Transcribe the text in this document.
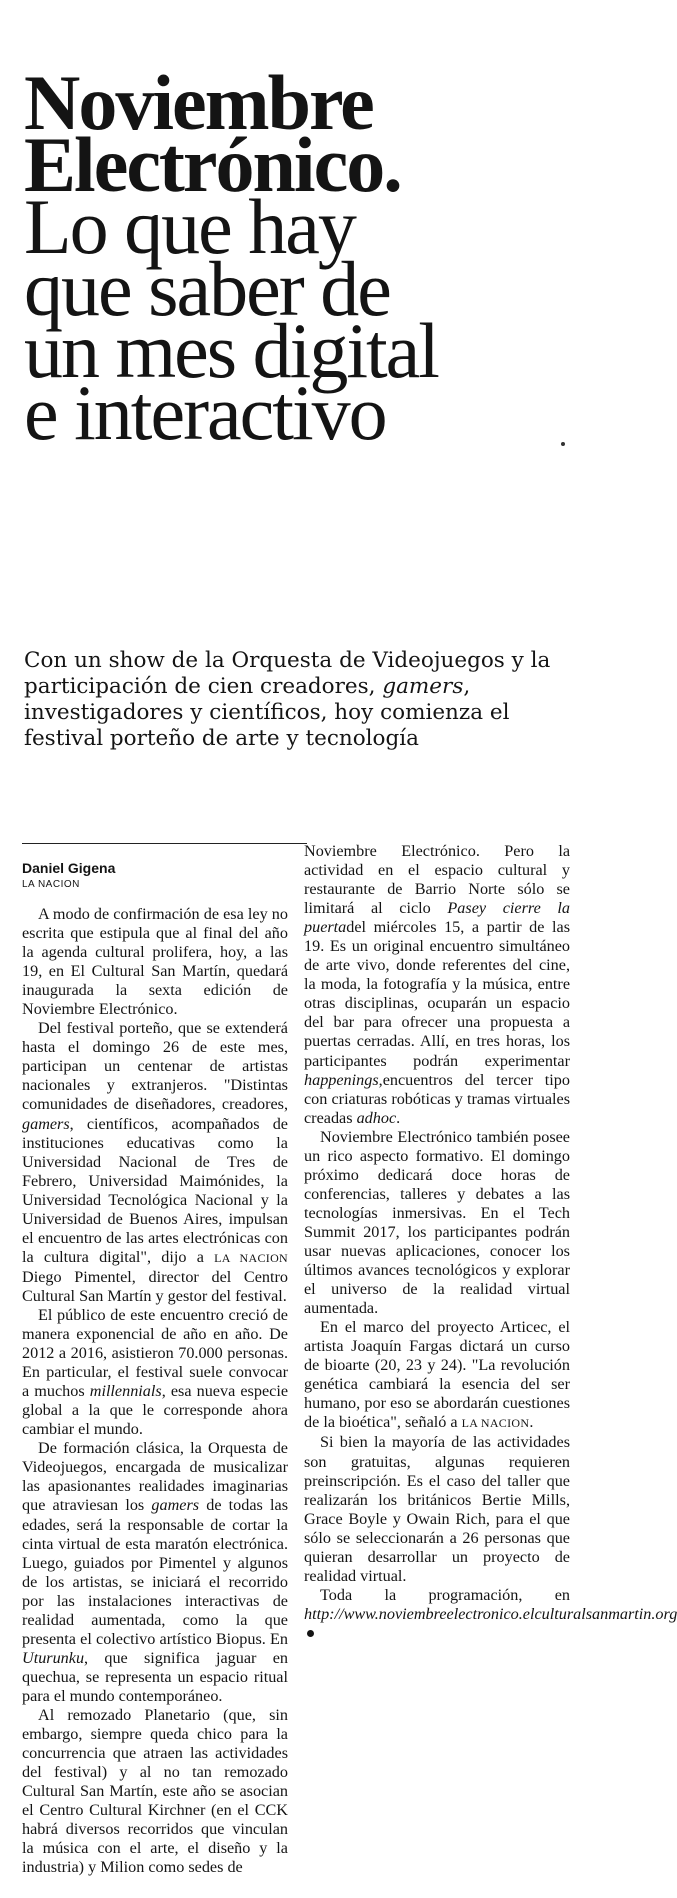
Noviembre
Electrónico.
Lo que hay
que saber de
un mes digital
e interactivo

Con un show de la Orquesta de Videojuegos y la participación de cien creadores, gamers, investigadores y científicos, hoy comienza el festival porteño de arte y tecnología

Daniel Gigena
LA NACION

A modo de confirmación de esa ley no escrita que estipula que al final del año la agenda cultural prolifera, hoy, a las 19, en El Cultural San Martín, quedará inaugurada la sexta edición de Noviembre Electrónico.

Del festival porteño, que se extenderá hasta el domingo 26 de este mes, participan un centenar de artistas nacionales y extranjeros. "Distintas comunidades de diseñadores, creadores, gamers, científicos, acompañados de instituciones educativas como la Universidad Nacional de Tres de Febrero, Universidad Maimónides, la Universidad Tecnológica Nacional y la Universidad de Buenos Aires, impulsan el encuentro de las artes electrónicas con la cultura digital", dijo a LA NACION Diego Pimentel, director del Centro Cultural San Martín y gestor del festival.

El público de este encuentro creció de manera exponencial de año en año. De 2012 a 2016, asistieron 70.000 personas. En particular, el festival suele convocar a muchos millennials, esa nueva especie global a la que le corresponde ahora cambiar el mundo.

De formación clásica, la Orquesta de Videojuegos, encargada de musicalizar las apasionantes realidades imaginarias que atraviesan los gamers de todas las edades, será la responsable de cortar la cinta virtual de esta maratón electrónica. Luego, guiados por Pimentel y algunos de los artistas, se iniciará el recorrido por las instalaciones interactivas de realidad aumentada, como la que presenta el colectivo artístico Biopus. En Uturunku, que significa jaguar en quechua, se representa un espacio ritual para el mundo contemporáneo.

Al remozado Planetario (que, sin embargo, siempre queda chico para la concurrencia que atraen las actividades del festival) y al no tan remozado Cultural San Martín, este año se asocian el Centro Cultural Kirchner (en el CCK habrá diversos recorridos que vinculan la música con el arte, el diseño y la industria) y Milion como sedes de

Noviembre Electrónico. Pero la actividad en el espacio cultural y restaurante de Barrio Norte sólo se limitará al ciclo Pasey cierre la puertadel miércoles 15, a partir de las 19. Es un original encuentro simultáneo de arte vivo, donde referentes del cine, la moda, la fotografía y la música, entre otras disciplinas, ocuparán un espacio del bar para ofrecer una propuesta a puertas cerradas. Allí, en tres horas, los participantes podrán experimentar happenings,encuentros del tercer tipo con criaturas robóticas y tramas virtuales creadas adhoc.

Noviembre Electrónico también posee un rico aspecto formativo. El domingo próximo dedicará doce horas de conferencias, talleres y debates a las tecnologías inmersivas. En el Tech Summit 2017, los participantes podrán usar nuevas aplicaciones, conocer los últimos avances tecnológicos y explorar el universo de la realidad virtual aumentada.

En el marco del proyecto Articec, el artista Joaquín Fargas dictará un curso de bioarte (20, 23 y 24). "La revolución genética cambiará la esencia del ser humano, por eso se abordarán cuestiones de la bioética", señaló a LA NACION.

Si bien la mayoría de las actividades son gratuitas, algunas requieren preinscripción. Es el caso del taller que realizarán los británicos Bertie Mills, Grace Boyle y Owain Rich, para el que sólo se seleccionarán a 26 personas que quieran desarrollar un proyecto de realidad virtual.

Toda la programación, en http://www.noviembreelectronico.elculturalsanmartin.org
